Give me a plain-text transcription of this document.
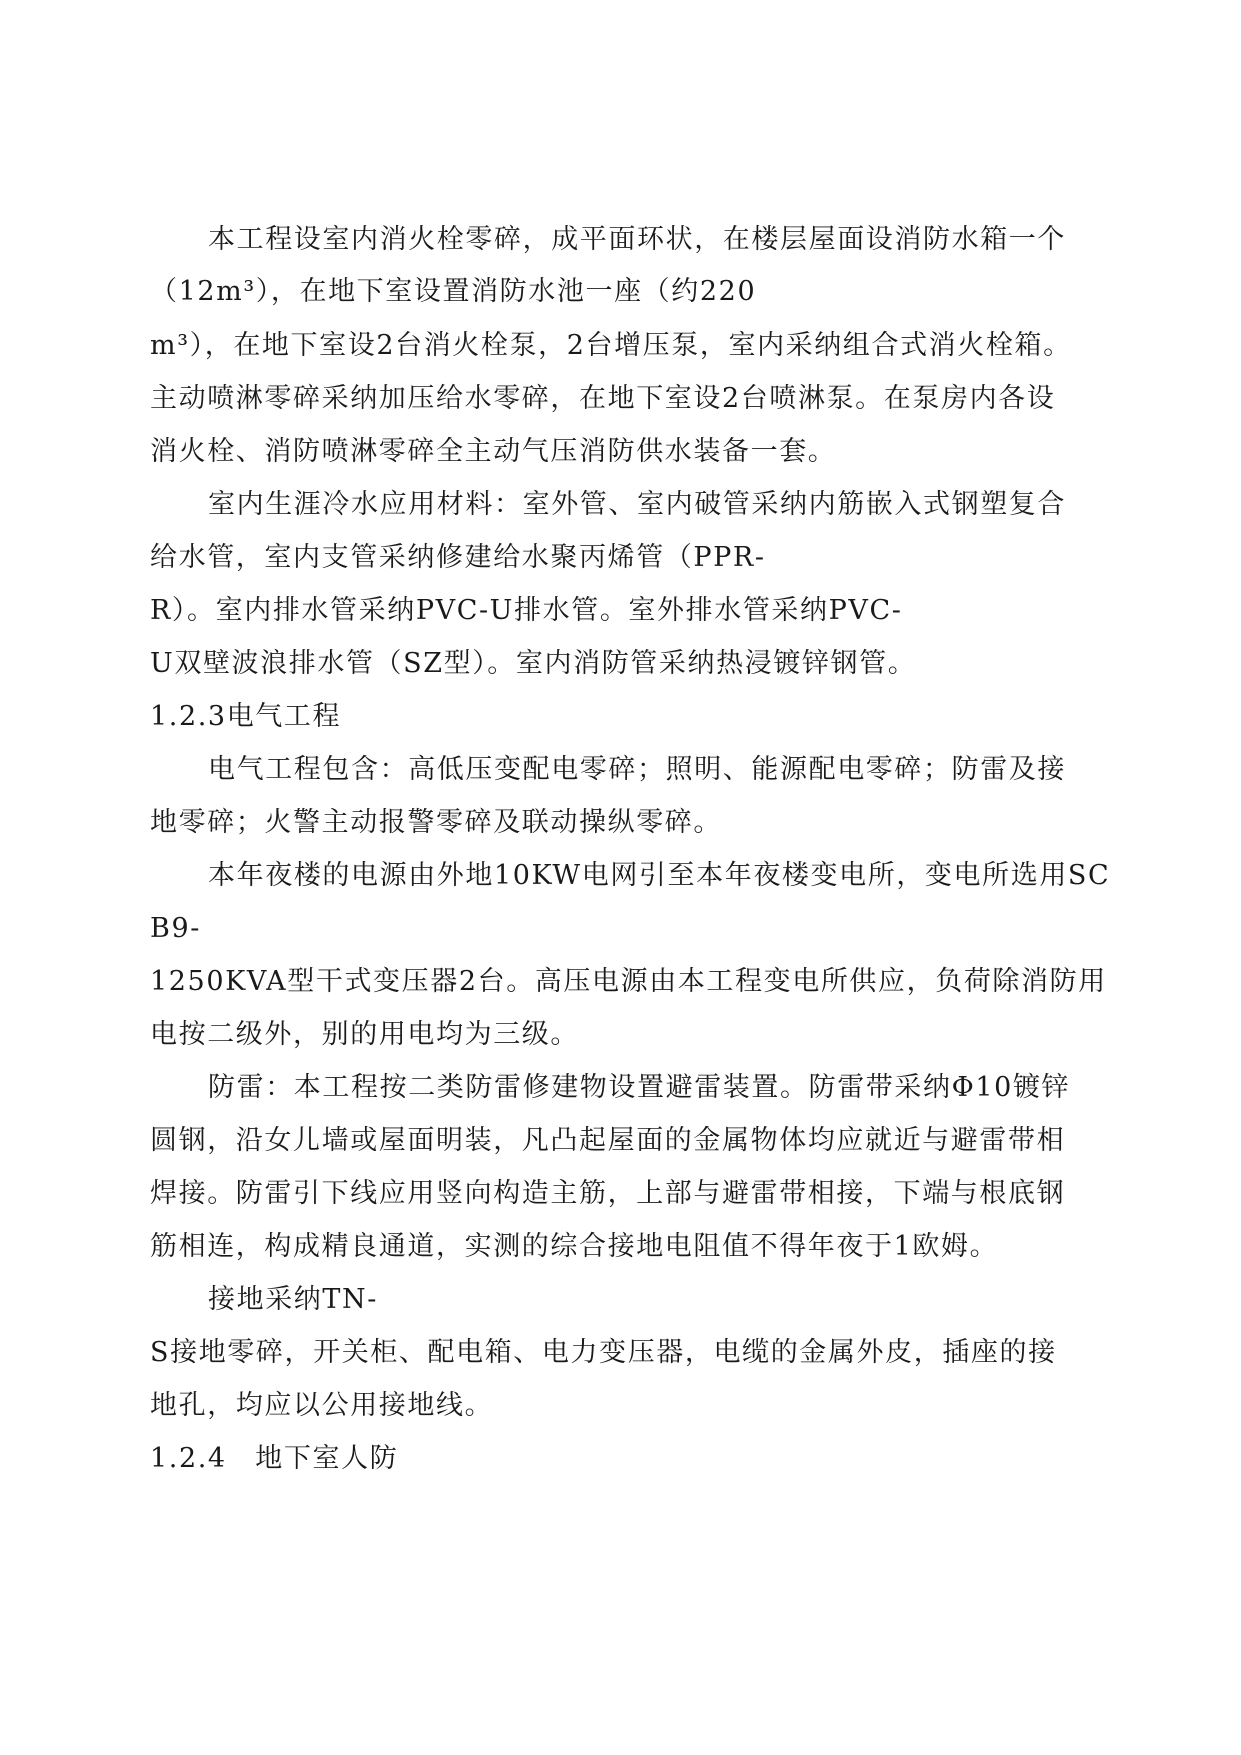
本工程设室内消火栓零碎，成平面环状，在楼层屋面设消防水箱一个
（12m³），在地下室设置消防水池一座（约220
m³），在地下室设2台消火栓泵，2台增压泵，室内采纳组合式消火栓箱。
主动喷淋零碎采纳加压给水零碎，在地下室设2台喷淋泵。在泵房内各设
消火栓、消防喷淋零碎全主动气压消防供水装备一套。
室内生涯冷水应用材料：室外管、室内破管采纳内筋嵌入式钢塑复合
给水管，室内支管采纳修建给水聚丙烯管（PPR-
R）。室内排水管采纳PVC-U排水管。室外排水管采纳PVC-
U双壁波浪排水管（SZ型）。室内消防管采纳热浸镀锌钢管。
1.2.3电气工程
电气工程包含：高低压变配电零碎；照明、能源配电零碎；防雷及接
地零碎；火警主动报警零碎及联动操纵零碎。
本年夜楼的电源由外地10KW电网引至本年夜楼变电所，变电所选用SC
B9-
1250KVA型干式变压器2台。高压电源由本工程变电所供应，负荷除消防用
电按二级外，别的用电均为三级。
防雷：本工程按二类防雷修建物设置避雷装置。防雷带采纳Φ10镀锌
圆钢，沿女儿墙或屋面明装，凡凸起屋面的金属物体均应就近与避雷带相
焊接。防雷引下线应用竖向构造主筋，上部与避雷带相接，下端与根底钢
筋相连，构成精良通道，实测的综合接地电阻值不得年夜于1欧姆。
接地采纳TN-
S接地零碎，开关柜、配电箱、电力变压器，电缆的金属外皮，插座的接
地孔，均应以公用接地线。
1.2.4　地下室人防
